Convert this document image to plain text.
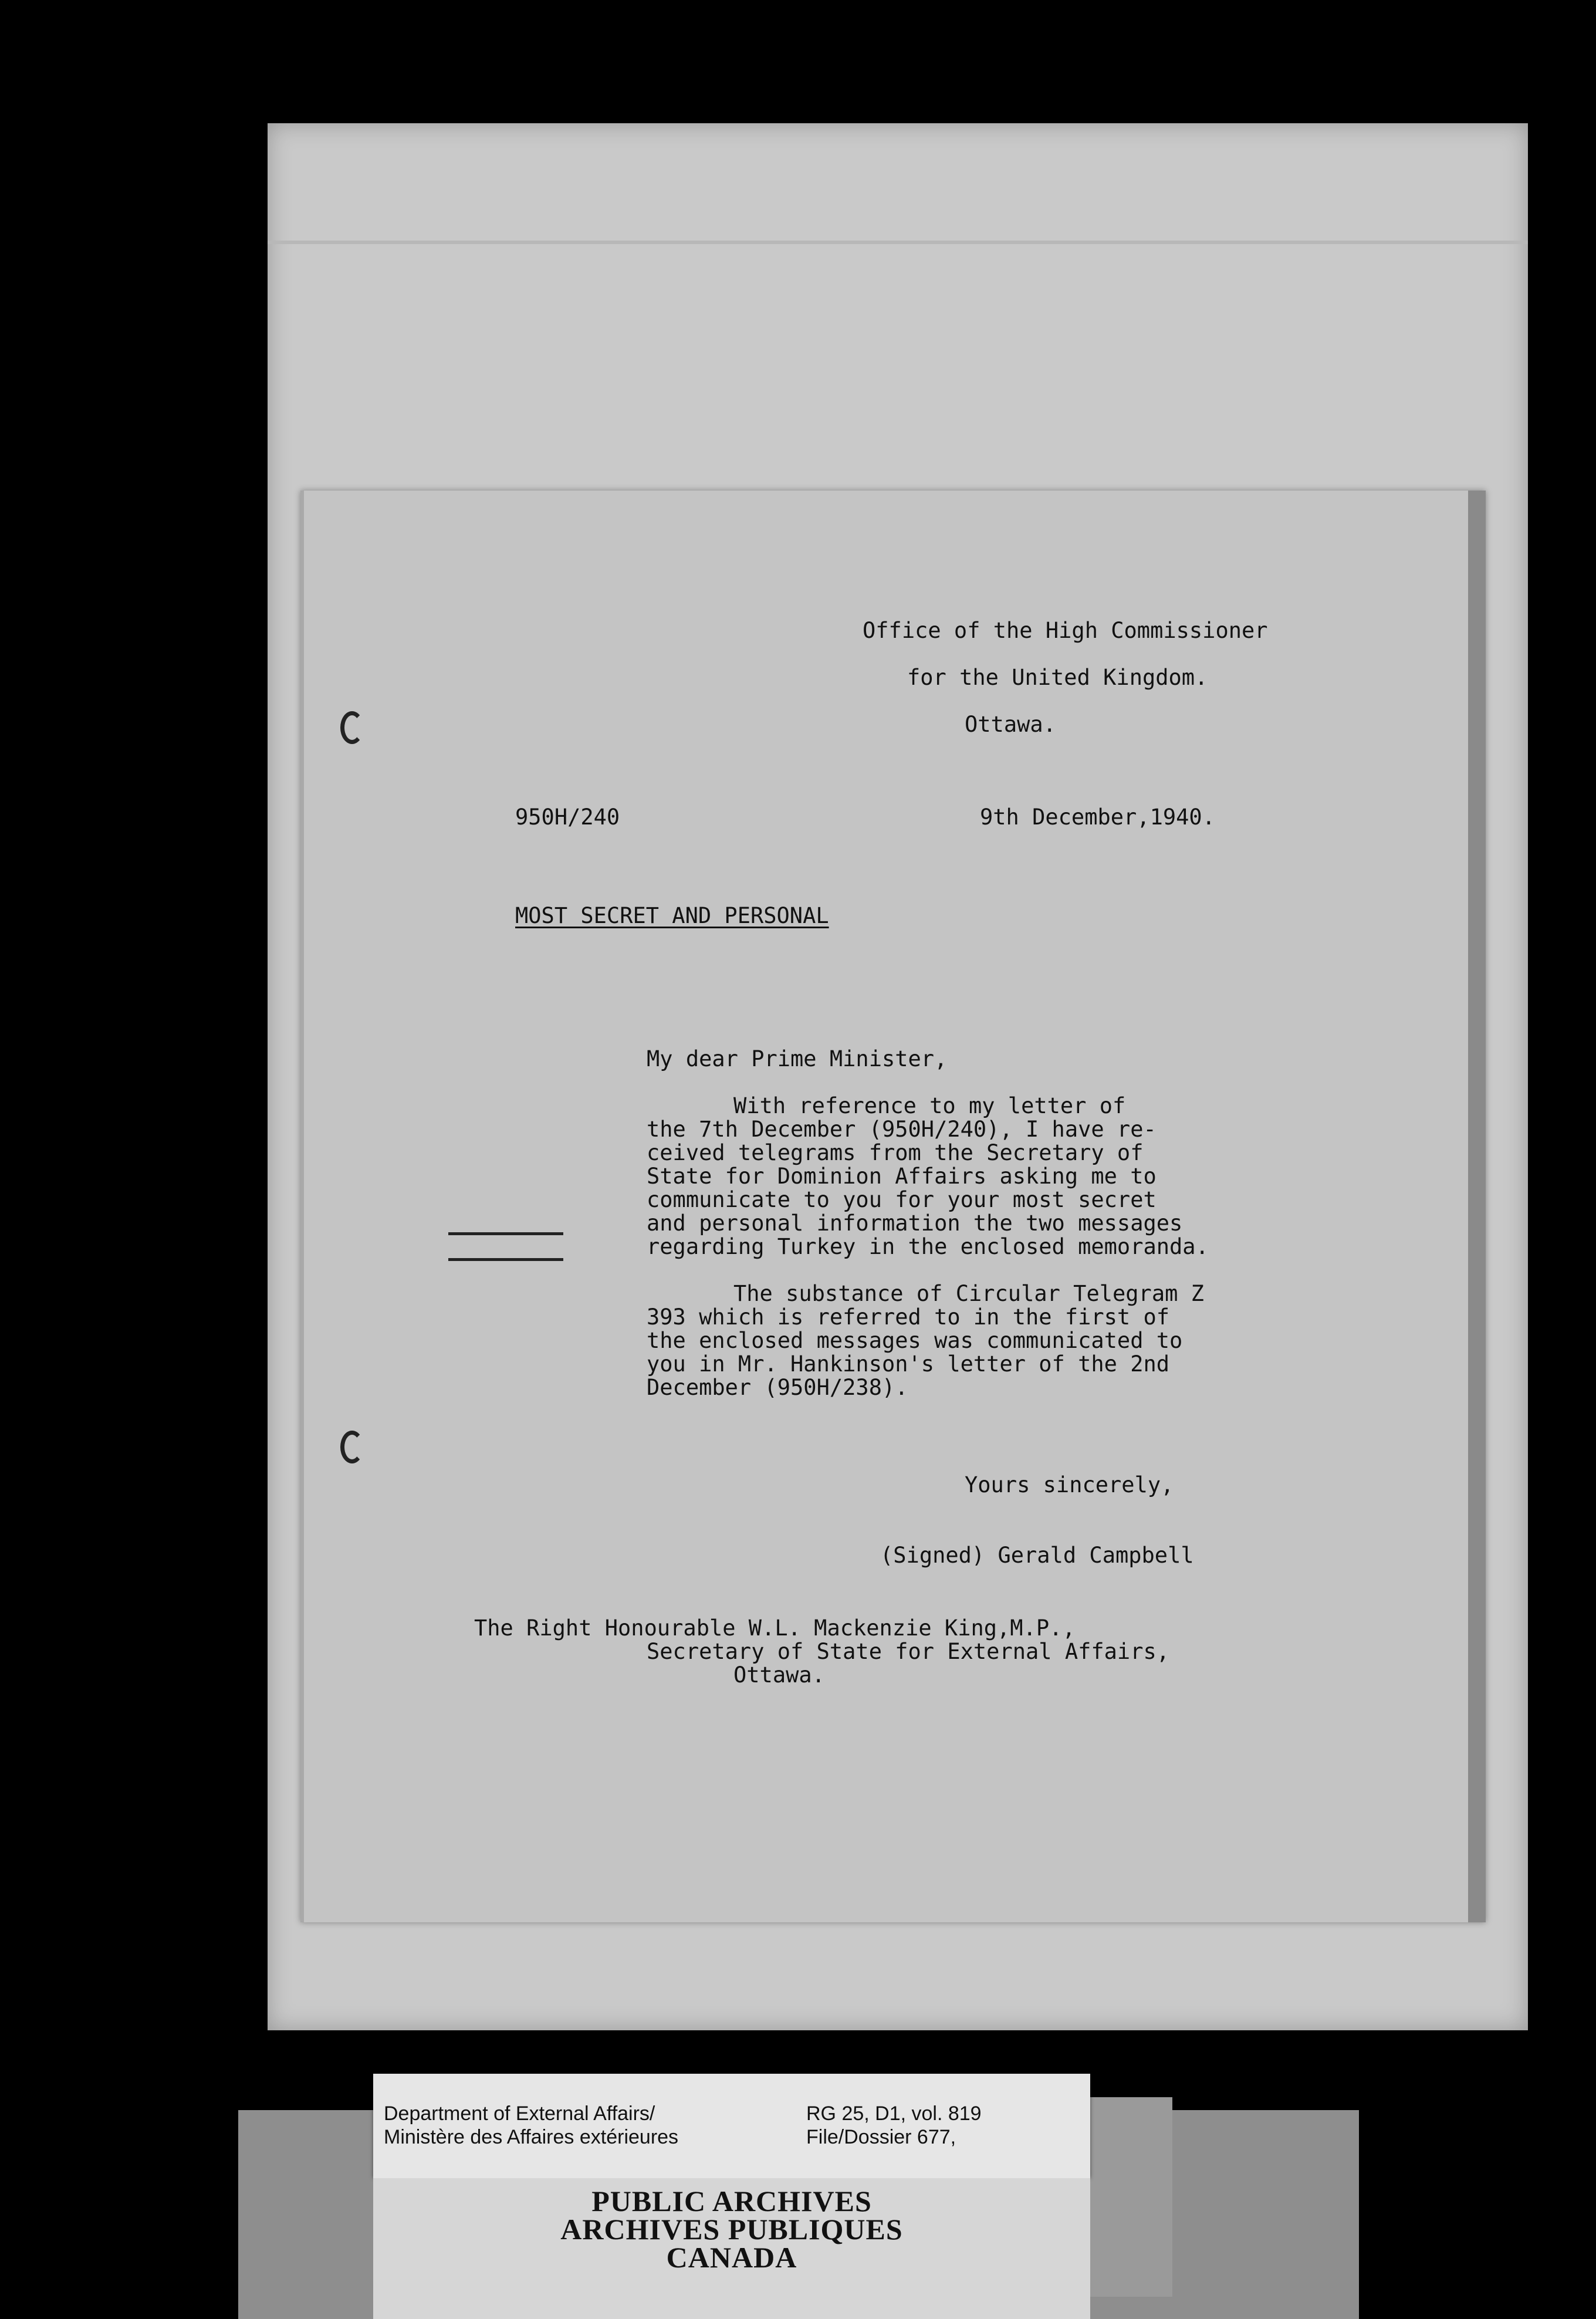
Office of the High Commissioner
for the United Kingdom.
Ottawa.
950H/240	9th December,1940.
MOST SECRET AND PERSONAL
My dear Prime Minister,
With reference to my letter of
the 7th December (950H/240), I have re-
ceived telegrams from the Secretary of
State for Dominion Affairs asking me to
communicate to you for your most secret
and personal information the two messages
regarding Turkey in the enclosed memoranda.
The substance of Circular Telegram Z
393 which is referred to in the first of
the enclosed messages was communicated to
you in Mr. Hankinson's letter of the 2nd
December (950H/238).
Yours sincerely,
(Signed) Gerald Campbell
The Right Honourable W.L. Mackenzie King,M.P.,
Secretary of State for External Affairs,
Ottawa.
Department of External Affairs/
Ministère des Affaires extérieures
RG 25, D1, vol. 819
File/Dossier 677,
PUBLIC ARCHIVES
ARCHIVES PUBLIQUES
CANADA
